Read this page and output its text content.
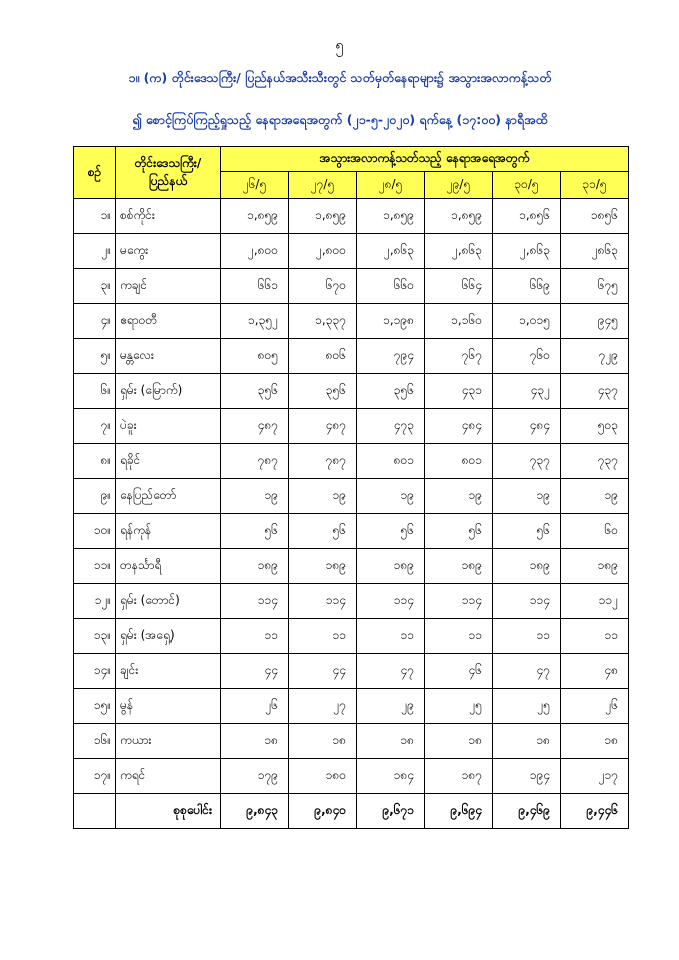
၅
၁။ (က) တိုင်းဒေသကြီး/ ပြည်နယ်အသီးသီးတွင် သတ်မှတ်နေရာများ၌ အသွားအလာကန့်သတ်
၍ စောင့်ကြပ်ကြည့်ရှုသည့် နေရာအရေအတွက် (၂၁-၅-၂၀၂၀) ရက်နေ့ (၁၇:၀၀) နာရီအထိ
စဉ်	တိုင်းဒေသကြီး/ ပြည်နယ်	အသွားအလာကန့်သတ်သည့် နေရာအရေအတွက်					
		၂၆/၅	၂၇/၅	၂၈/၅	၂၉/၅	၃၀/၅	၃၁/၅
၁။	စစ်ကိုင်း	၁,၈၅၉	၁,၈၅၉	၁,၈၅၉	၁,၈၅၉	၁,၈၅၆	၁၈၅၆
၂။	မကွေး	၂,၈၀၀	၂,၈၀၀	၂,၈၆၃	၂,၈၆၃	၂,၈၆၃	၂၈၆၃
၃။	ကချင်	၆၆၁	၆၇၀	၆၆၀	၆၆၄	၆၆၉	၆၇၅
၄။	ဧရာဝတီ	၁,၃၅၂	၁,၃၃၇	၁,၁၉၈	၁,၁၆၀	၁,၀၁၅	၉၄၅
၅။	မန္တလေး	၈၀၅	၈၀၆	၇၉၄	၇၆၇	၇၆၀	၇၂၉
၆။	ရှမ်း (မြောက်)	၃၅၆	၃၅၆	၃၅၆	၄၃၁	၄၃၂	၄၃၇
၇။	ပဲခူး	၄၈၇	၄၈၇	၄၇၃	၄၈၄	၄၈၄	၅၀၃
၈။	ရခိုင်	၇၈၇	၇၈၇	၈၀၁	၈၀၁	၇၃၇	၇၃၇
၉။	နေပြည်တော်	၁၉	၁၉	၁၉	၁၉	၁၉	၁၉
၁၀။	ရန်ကုန်	၅၆	၅၆	၅၆	၅၆	၅၆	၆၀
၁၁။	တနင်္သာရီ	၁၈၉	၁၈၉	၁၈၉	၁၈၉	၁၈၉	၁၈၉
၁၂။	ရှမ်း (တောင်)	၁၁၄	၁၁၄	၁၁၄	၁၁၄	၁၁၄	၁၁၂
၁၃။	ရှမ်း (အရှေ့)	၁၁	၁၁	၁၁	၁၁	၁၁	၁၁
၁၄။	ချင်း	၄၄	၄၄	၄၇	၄၆	၄၇	၄၈
၁၅။	မွန်	၂၆	၂၇	၂၉	၂၅	၂၅	၂၆
၁၆။	ကယား	၁၈	၁၈	၁၈	၁၈	၁၈	၁၈
၁၇။	ကရင်	၁၇၉	၁၈၀	၁၈၄	၁၈၇	၁၉၄	၂၁၇
	စုစုပေါင်း	၉,၈၄၃	၉,၈၄၀	၉,၆၇၁	၉,၆၉၄	၉,၄၆၉	၉,၄၄၆
